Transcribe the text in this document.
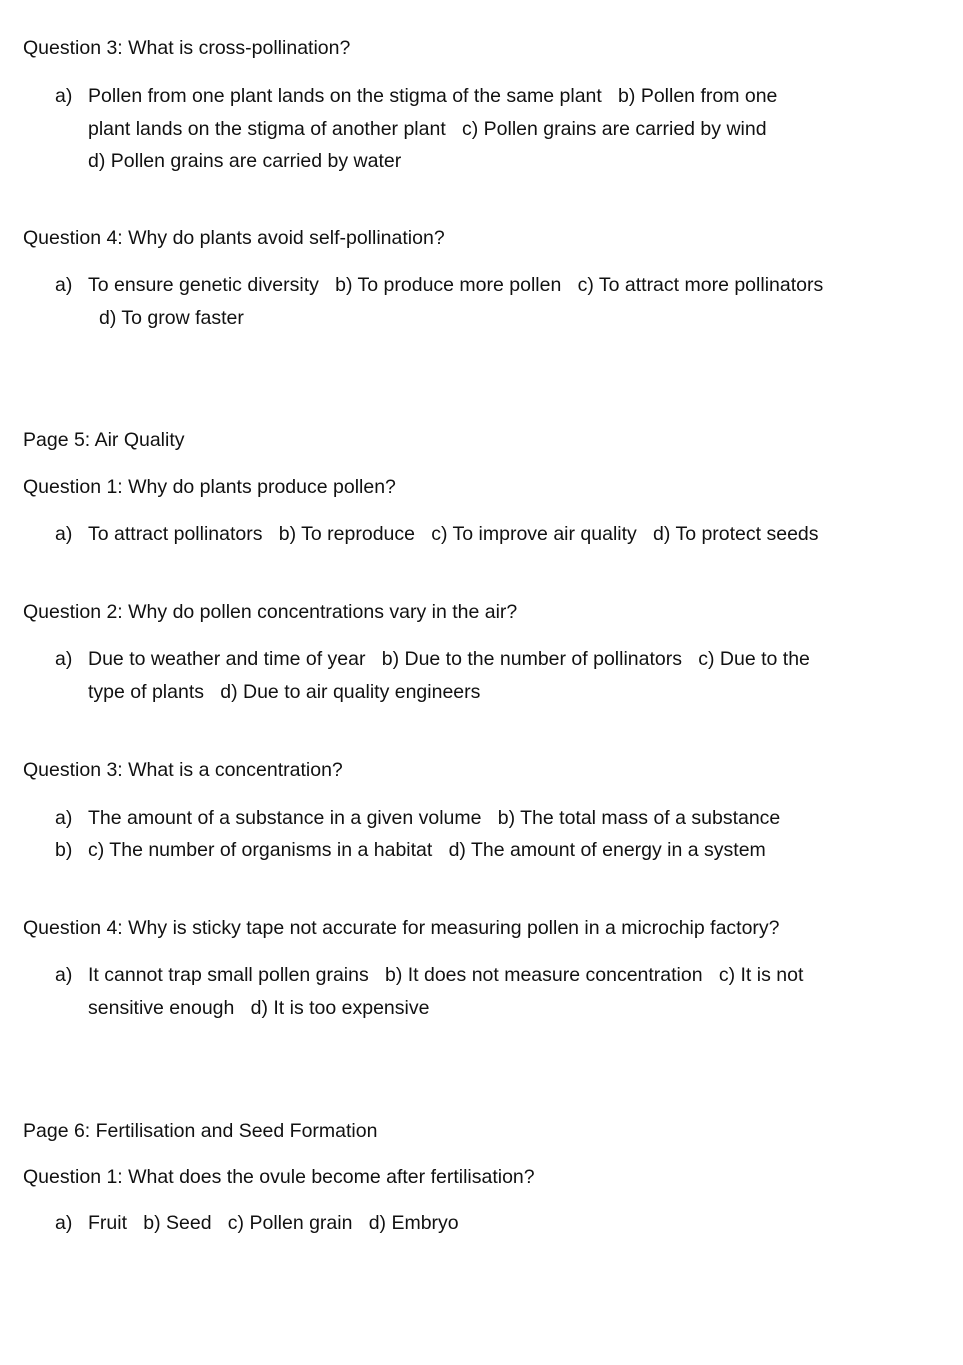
Question 3: What is cross-pollination?
a) Pollen from one plant lands on the stigma of the same plant   b) Pollen from one
plant lands on the stigma of another plant   c) Pollen grains are carried by wind
d) Pollen grains are carried by water
Question 4: Why do plants avoid self-pollination?
a) To ensure genetic diversity   b) To produce more pollen   c) To attract more pollinators
d) To grow faster
Page 5: Air Quality
Question 1: Why do plants produce pollen?
a) To attract pollinators   b) To reproduce   c) To improve air quality   d) To protect seeds
Question 2: Why do pollen concentrations vary in the air?
a) Due to weather and time of year   b) Due to the number of pollinators   c) Due to the
type of plants   d) Due to air quality engineers
Question 3: What is a concentration?
a) The amount of a substance in a given volume   b) The total mass of a substance
b) c) The number of organisms in a habitat   d) The amount of energy in a system
Question 4: Why is sticky tape not accurate for measuring pollen in a microchip factory?
a) It cannot trap small pollen grains   b) It does not measure concentration   c) It is not
sensitive enough   d) It is too expensive
Page 6: Fertilisation and Seed Formation
Question 1: What does the ovule become after fertilisation?
a) Fruit   b) Seed   c) Pollen grain   d) Embryo
